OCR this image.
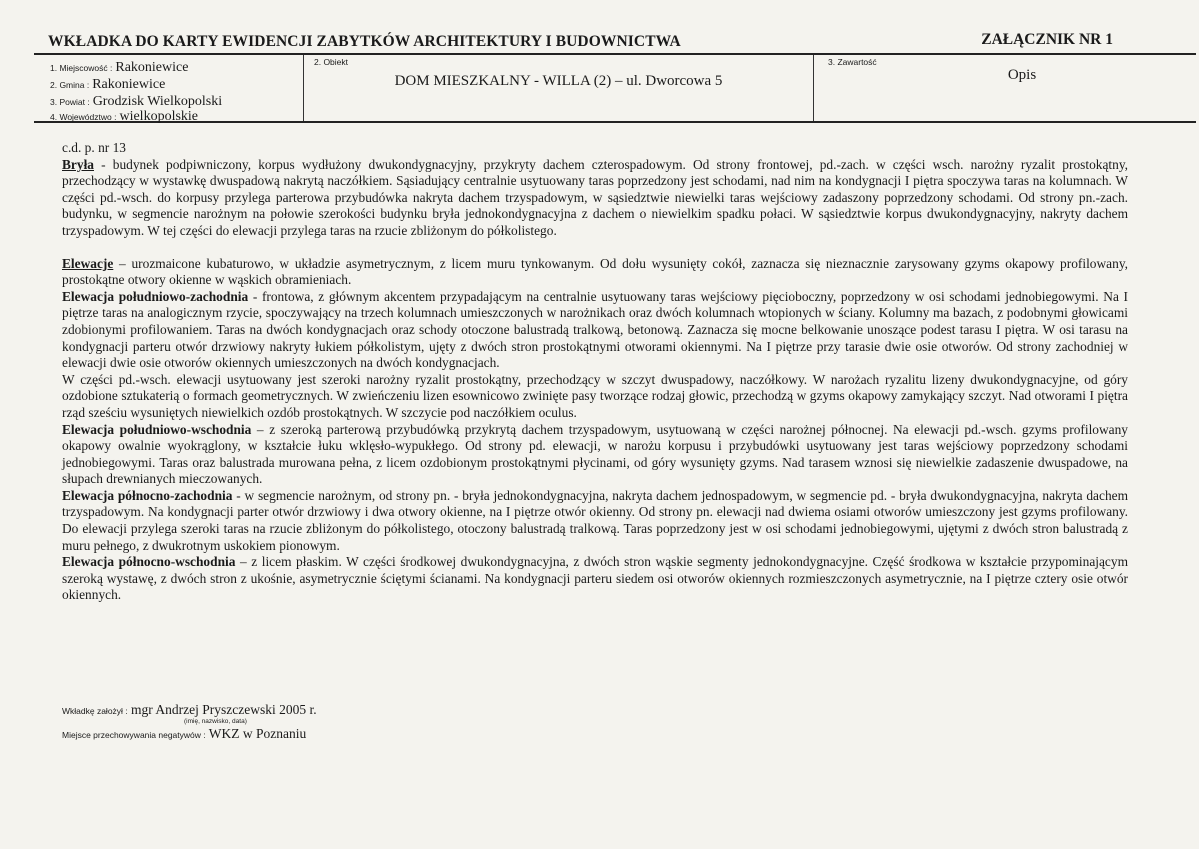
WKŁADKA DO KARTY EWIDENCJI ZABYTKÓW ARCHITEKTURY I BUDOWNICTWA	ZAŁĄCZNIK NR 1
1. Miejscowość : Rakoniewice
2. Gmina : Rakoniewice
3. Powiat : Grodzisk Wielkopolski
4. Województwo : wielkopolskie
2. Obiekt
DOM MIESZKALNY - WILLA (2) – ul. Dworcowa 5
3. Zawartość
Opis

c.d. p. nr 13

Bryła - budynek podpiwniczony, korpus wydłużony dwukondygnacyjny, przykryty dachem czterospadowym. Od strony frontowej, pd.-zach. w części wsch. narożny ryzalit prostokątny, przechodzący w wystawkę dwuspadową nakrytą naczółkiem. Sąsiadujący centralnie usytuowany taras poprzedzony jest schodami, nad nim na kondygnacji I piętra spoczywa taras na kolumnach. W części pd.-wsch. do korpusy przylega parterowa przybudówka nakryta dachem trzyspadowym, w sąsiedztwie niewielki taras wejściowy zadaszony poprzedzony schodami. Od strony pn.-zach. budynku, w segmencie narożnym na połowie szerokości budynku bryła jednokondygnacyjna z dachem o niewielkim spadku połaci. W sąsiedztwie korpus dwukondygnacyjny, nakryty dachem trzyspadowym. W tej części do elewacji przylega taras na rzucie zbliżonym do półkolistego.

Elewacje – urozmaicone kubaturowo, w układzie asymetrycznym, z licem muru tynkowanym. Od dołu wysunięty cokół, zaznacza się nieznacznie zarysowany gzyms okapowy profilowany, prostokątne otwory okienne w wąskich obramieniach.

Elewacja południowo-zachodnia - frontowa, z głównym akcentem przypadającym na centralnie usytuowany taras wejściowy pięcioboczny, poprzedzony w osi schodami jednobiegowymi. Na I piętrze taras na analogicznym rzycie, spoczywający na trzech kolumnach umieszczonych w narożnikach oraz dwóch kolumnach wtopionych w ściany. Kolumny ma bazach, z podobnymi głowicami zdobionymi profilowaniem. Taras na dwóch kondygnacjach oraz schody otoczone balustradą tralkową, betonową. Zaznacza się mocne belkowanie unoszące podest tarasu I piętra. W osi tarasu na kondygnacji parteru otwór drzwiowy nakryty łukiem półkolistym, ujęty z dwóch stron prostokątnymi otworami okiennymi. Na I piętrze przy tarasie dwie osie otworów. Od strony zachodniej w elewacji dwie osie otworów okiennych umieszczonych na dwóch kondygnacjach.

W części pd.-wsch. elewacji usytuowany jest szeroki narożny ryzalit prostokątny, przechodzący w szczyt dwuspadowy, naczółkowy. W narożach ryzalitu lizeny dwukondygnacyjne, od góry ozdobione sztukaterią o formach geometrycznych. W zwieńczeniu lizen esownicowo zwinięte pasy tworzące rodzaj głowic, przechodzą w gzyms okapowy zamykający szczyt. Nad otworami I piętra rząd sześciu wysuniętych niewielkich ozdób prostokątnych. W szczycie pod naczółkiem oculus.

Elewacja południowo-wschodnia – z szeroką parterową przybudówką przykrytą dachem trzyspadowym, usytuowaną w części narożnej północnej. Na elewacji pd.-wsch. gzyms profilowany okapowy owalnie wyokrąglony, w kształcie łuku wklęsło-wypukłego. Od strony pd. elewacji, w narożu korpusu i przybudówki usytuowany jest taras wejściowy poprzedzony schodami jednobiegowymi. Taras oraz balustrada murowana pełna, z licem ozdobionym prostokątnymi płycinami, od góry wysunięty gzyms. Nad tarasem wznosi się niewielkie zadaszenie dwuspadowe, na słupach drewnianych mieczowanych.

Elewacja północno-zachodnia - w segmencie narożnym, od strony pn. - bryła jednokondygnacyjna, nakryta dachem jednospadowym, w segmencie pd. - bryła dwukondygnacyjna, nakryta dachem trzyspadowym. Na kondygnacji parter otwór drzwiowy i dwa otwory okienne, na I piętrze otwór okienny. Od strony pn. elewacji nad dwiema osiami otworów umieszczony jest gzyms profilowany. Do elewacji przylega szeroki taras na rzucie zbliżonym do półkolistego, otoczony balustradą tralkową. Taras poprzedzony jest w osi schodami jednobiegowymi, ujętymi z dwóch stron balustradą z muru pełnego, z dwukrotnym uskokiem pionowym.

Elewacja północno-wschodnia – z licem płaskim. W części środkowej dwukondygnacyjna, z dwóch stron wąskie segmenty jednokondygnacyjne. Część środkowa w kształcie przypominającym szeroką wystawę, z dwóch stron z ukośnie, asymetrycznie ściętymi ścianami. Na kondygnacji parteru siedem osi otworów okiennych rozmieszczonych asymetrycznie, na I piętrze cztery osie otwór okiennych.

Wkładkę założył : mgr Andrzej Pryszczewski 2005 r.
(imię, nazwisko, data)
Miejsce przechowywania negatywów : WKZ w Poznaniu
